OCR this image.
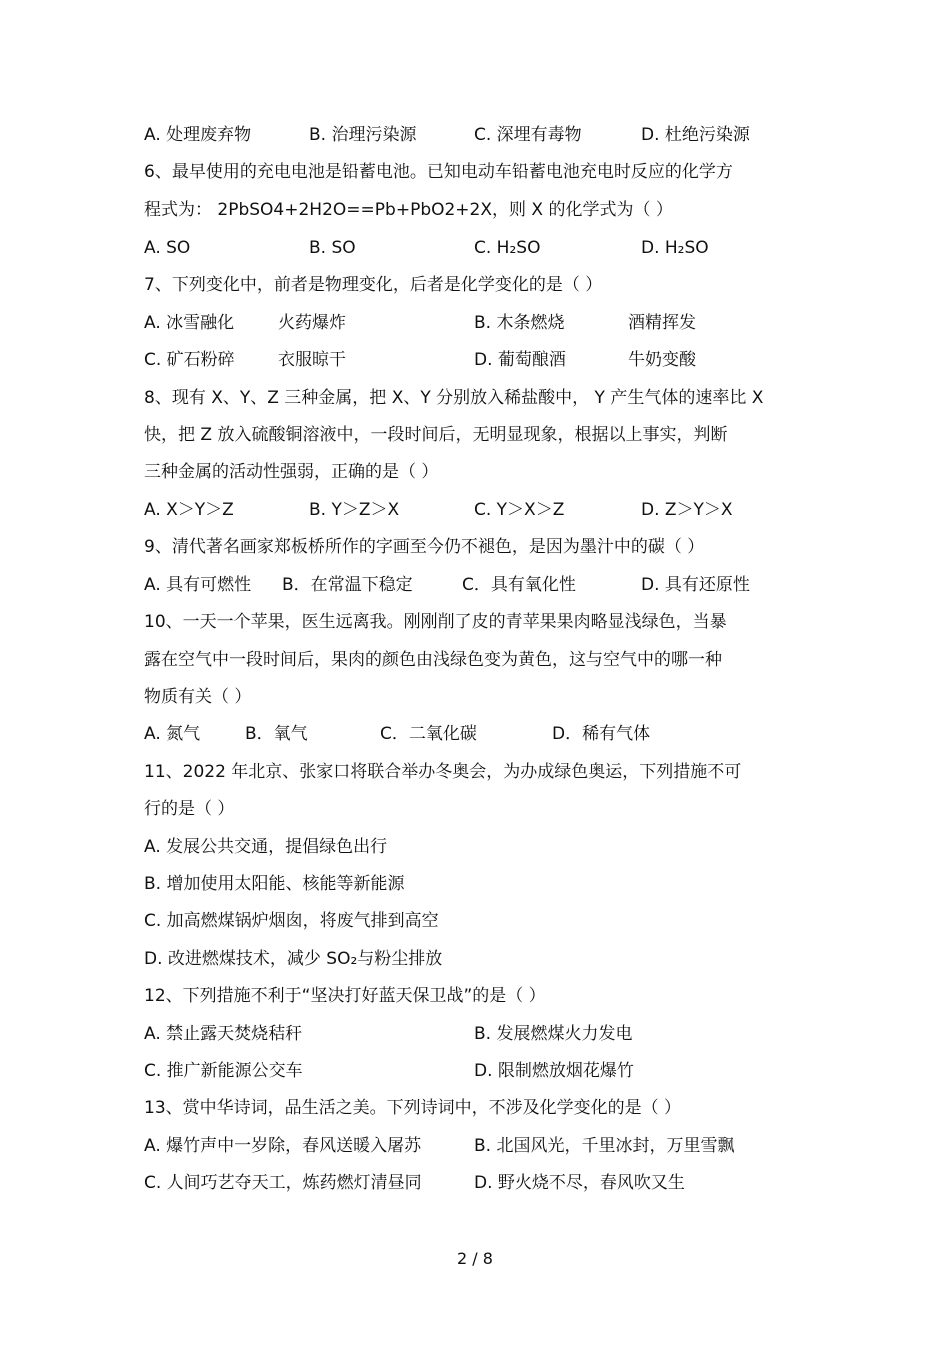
A. 处理废弃物	B. 治理污染源	C. 深埋有毒物	D. 杜绝污染源
6、最早使用的充电电池是铅蓄电池。已知电动车铅蓄电池充电时反应的化学方
程式为： 2PbSO4+2H2O==Pb+PbO2+2X，则 X 的化学式为（ ）
A. SO	B. SO	C. H₂SO	D. H₂SO
7、下列变化中，前者是物理变化，后者是化学变化的是（ ）
A. 冰雪融化	火药爆炸	B. 木条燃烧	酒精挥发
C. 矿石粉碎	衣服晾干	D. 葡萄酿酒	牛奶变酸
8、现有 X、Y、Z 三种金属，把 X、Y 分别放入稀盐酸中， Y 产生气体的速率比 X
快，把 Z 放入硫酸铜溶液中，一段时间后，无明显现象，根据以上事实，判断
三种金属的活动性强弱，正确的是（ ）
A. X＞Y＞Z	B. Y＞Z＞X	C. Y＞X＞Z	D. Z＞Y＞X
9、清代著名画家郑板桥所作的字画至今仍不褪色，是因为墨汁中的碳（ ）
A. 具有可燃性 B．在常温下稳定	C．具有氧化性	D. 具有还原性
10、一天一个苹果，医生远离我。刚刚削了皮的青苹果果肉略显浅绿色，当暴
露在空气中一段时间后，果肉的颜色由浅绿色变为黄色，这与空气中的哪一种
物质有关（ ）
A. 氮气	B．氧气	C．二氧化碳	D．稀有气体
11、2022 年北京、张家口将联合举办冬奥会，为办成绿色奥运，下列措施不可
行的是（ ）
A. 发展公共交通，提倡绿色出行
B. 增加使用太阳能、核能等新能源
C. 加高燃煤锅炉烟囱，将废气排到高空
D. 改进燃煤技术，减少 SO₂与粉尘排放
12、下列措施不利于“坚决打好蓝天保卫战”的是（ ）
A. 禁止露天焚烧秸秆	B. 发展燃煤火力发电
C. 推广新能源公交车	D. 限制燃放烟花爆竹
13、赏中华诗词，品生活之美。下列诗词中，不涉及化学变化的是（ ）
A. 爆竹声中一岁除，春风送暖入屠苏	B. 北国风光，千里冰封，万里雪飘
C. 人间巧艺夺天工，炼药燃灯清昼同	D. 野火烧不尽，春风吹又生
2 / 8
